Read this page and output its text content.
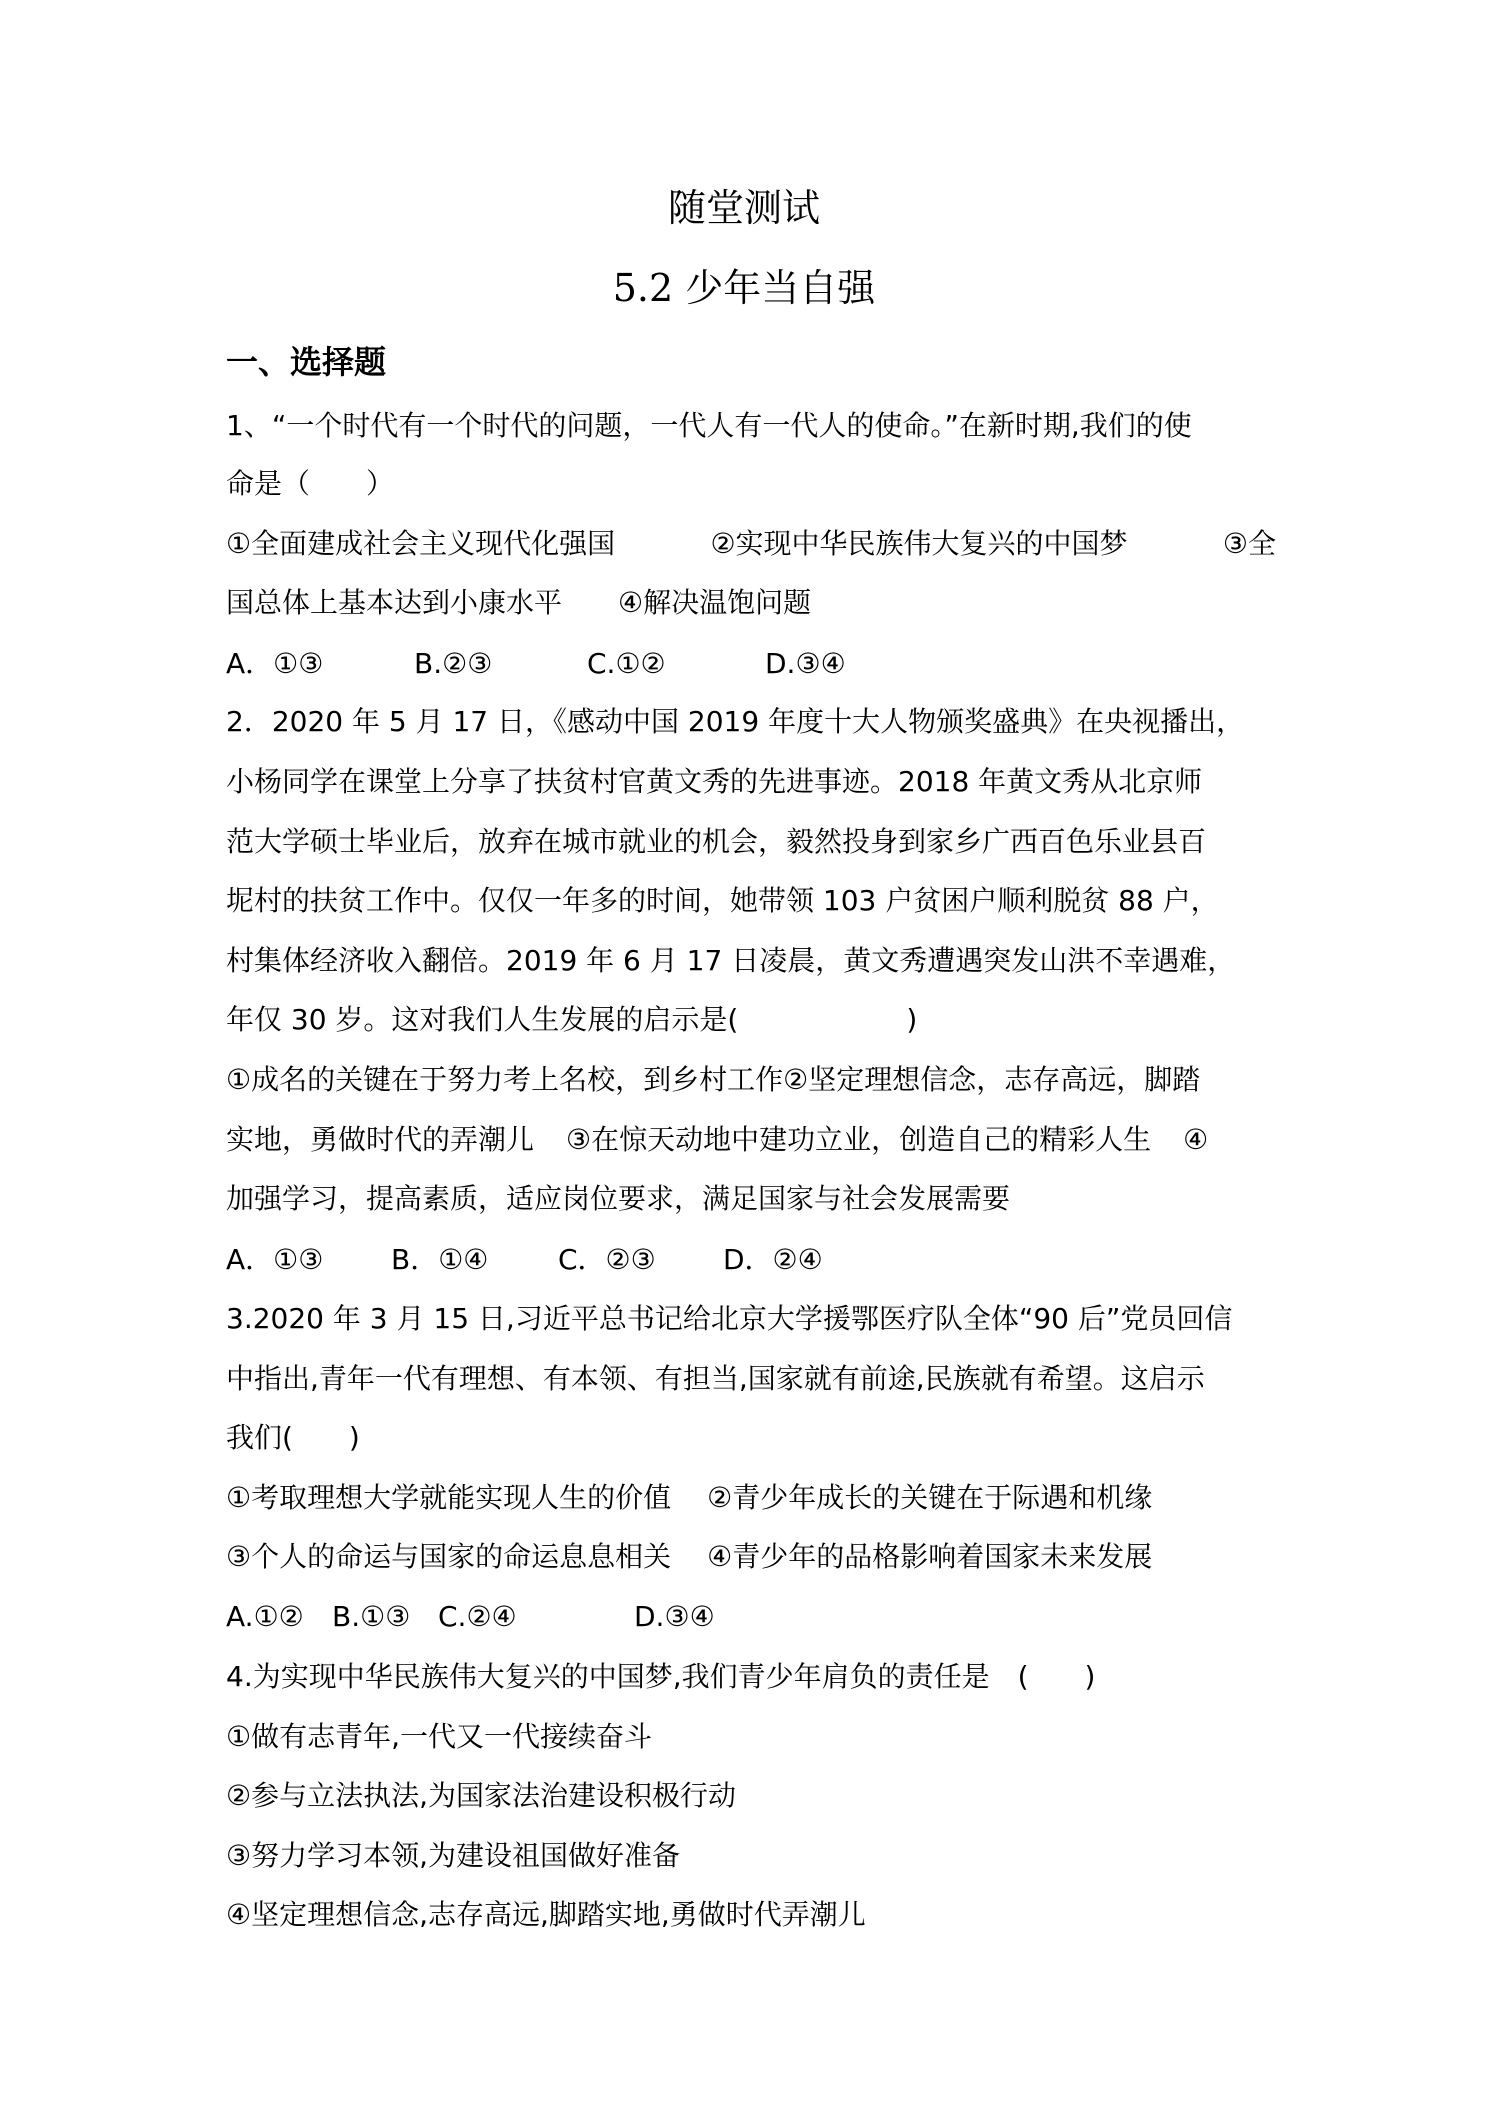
随堂测试
5.2 少年当自强
一、选择题
1、“一个时代有一个时代的问题，一代人有一代人的使命。”在新时期,我们的使
命是（　　）
①全面建成社会主义现代化强国	②实现中华民族伟大复兴的中国梦	③全
国总体上基本达到小康水平 ④解决温饱问题
A．①③	B.②③	C.①②	D.③④
2．2020 年 5 月 17 日，《感动中国 2019 年度十大人物颁奖盛典》在央视播出，
小杨同学在课堂上分享了扶贫村官黄文秀的先进事迹。2018 年黄文秀从北京师
范大学硕士毕业后，放弃在城市就业的机会，毅然投身到家乡广西百色乐业县百
坭村的扶贫工作中。仅仅一年多的时间，她带领 103 户贫困户顺利脱贫 88 户，
村集体经济收入翻倍。2019 年 6 月 17 日凌晨，黄文秀遭遇突发山洪不幸遇难，
年仅 30 岁。这对我们人生发展的启示是(　　　　　　)
①成名的关键在于努力考上名校，到乡村工作②坚定理想信念，志存高远，脚踏
实地，勇做时代的弄潮儿 ③在惊天动地中建功立业，创造自己的精彩人生 ④
加强学习，提高素质，适应岗位要求，满足国家与社会发展需要
A．①③ B．①④ C．②③ D．②④
3.2020 年 3 月 15 日,习近平总书记给北京大学援鄂医疗队全体“90 后”党员回信
中指出,青年一代有理想、有本领、有担当,国家就有前途,民族就有希望。这启示
我们(　　)
①考取理想大学就能实现人生的价值 ②青少年成长的关键在于际遇和机缘
③个人的命运与国家的命运息息相关 ④青少年的品格影响着国家未来发展
A.①② B.①③ C.②④	D.③④
4.为实现中华民族伟大复兴的中国梦,我们青少年肩负的责任是　(　　)
①做有志青年,一代又一代接续奋斗
②参与立法执法,为国家法治建设积极行动
③努力学习本领,为建设祖国做好准备
④坚定理想信念,志存高远,脚踏实地,勇做时代弄潮儿
